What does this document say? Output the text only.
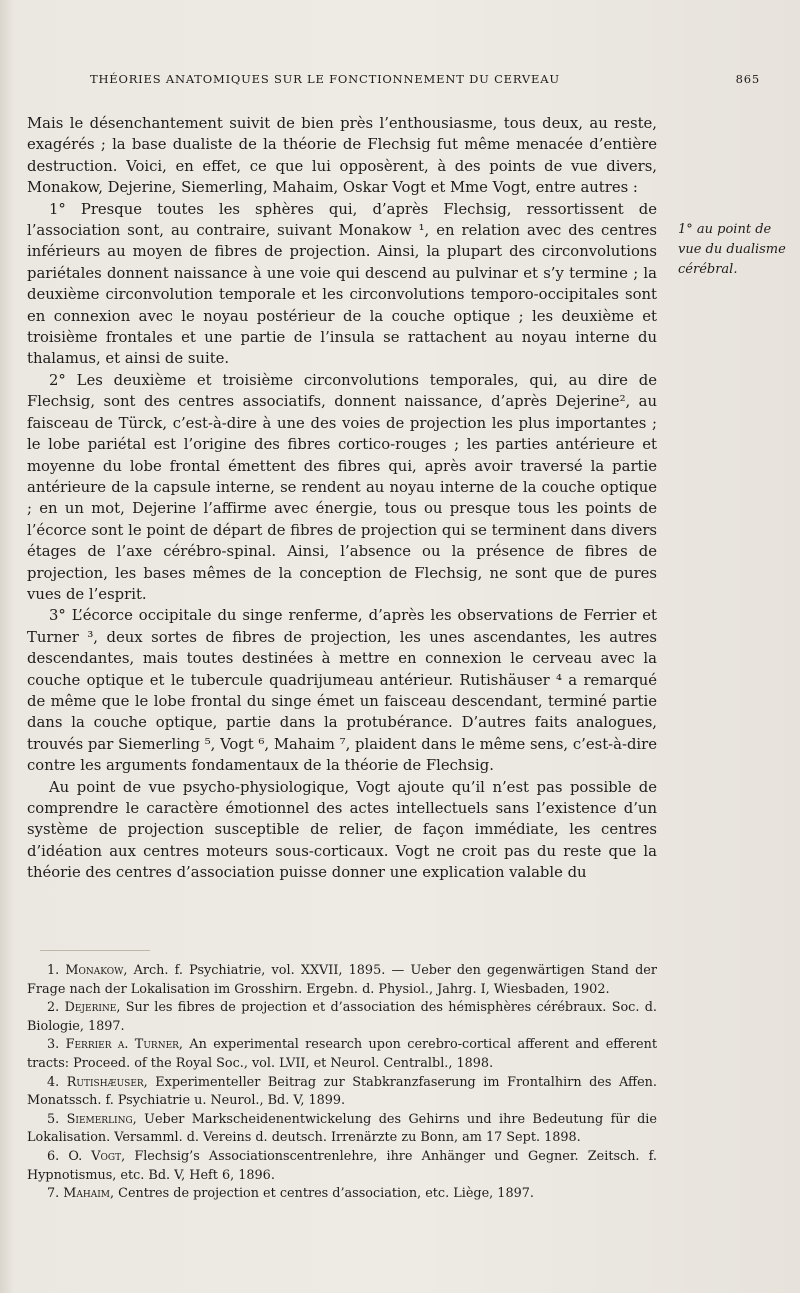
THÉORIES ANATOMIQUES SUR LE FONCTIONNEMENT DU CERVEAU	865

Mais le désenchantement suivit de bien près l’enthousiasme, tous deux, au reste, exagérés ; la base dualiste de la théorie de Flechsig fut même menacée d’entière destruction. Voici, en effet, ce que lui opposèrent, à des points de vue divers, Monakow, Dejerine, Siemerling, Mahaim, Oskar Vogt et Mme Vogt, entre autres :

1° Presque toutes les sphères qui, d’après Flechsig, ressortissent de l’association sont, au contraire, suivant Monakow ¹, en relation avec des centres inférieurs au moyen de fibres de projection. Ainsi, la plupart des circonvolutions pariétales donnent naissance à une voie qui descend au pulvinar et s’y termine ; la deuxième circonvolution temporale et les circonvolutions temporo-occipitales sont en connexion avec le noyau postérieur de la couche optique ; les deuxième et troisième frontales et une partie de l’insula se rattachent au noyau interne du thalamus, et ainsi de suite.

2° Les deuxième et troisième circonvolutions temporales, qui, au dire de Flechsig, sont des centres associatifs, donnent naissance, d’après Dejerine², au faisceau de Türck, c’est-à-dire à une des voies de projection les plus importantes ; le lobe pariétal est l’origine des fibres cortico-rouges ; les parties antérieure et moyenne du lobe frontal émettent des fibres qui, après avoir traversé la partie antérieure de la capsule interne, se rendent au noyau interne de la couche optique ; en un mot, Dejerine l’affirme avec énergie, tous ou presque tous les points de l’écorce sont le point de départ de fibres de projection qui se terminent dans divers étages de l’axe cérébro-spinal. Ainsi, l’absence ou la présence de fibres de projection, les bases mêmes de la conception de Flechsig, ne sont que de pures vues de l’esprit.

3° L’écorce occipitale du singe renferme, d’après les observations de Ferrier et Turner ³, deux sortes de fibres de projection, les unes ascendantes, les autres descendantes, mais toutes destinées à mettre en connexion le cerveau avec la couche optique et le tubercule quadrijumeau antérieur. Rutishäuser ⁴ a remarqué de même que le lobe frontal du singe émet un faisceau descendant, terminé partie dans la couche optique, partie dans la protubérance. D’autres faits analogues, trouvés par Siemerling ⁵, Vogt ⁶, Mahaim ⁷, plaident dans le même sens, c’est-à-dire contre les arguments fondamentaux de la théorie de Flechsig.

Au point de vue psycho-physiologique, Vogt ajoute qu’il n’est pas possible de comprendre le caractère émotionnel des actes intellectuels sans l’existence d’un système de projection susceptible de relier, de façon immédiate, les centres d’idéation aux centres moteurs sous-corticaux. Vogt ne croit pas du reste que la théorie des centres d’association puisse donner une explication valable du

1° au point de vue du dualisme cérébral.

1. Monakow, Arch. f. Psychiatrie, vol. XXVII, 1895. — Ueber den gegenwärtigen Stand der Frage nach der Lokalisation im Grosshirn. Ergebn. d. Physiol., Jahrg. I, Wiesbaden, 1902.

2. Dejerine, Sur les fibres de projection et d’association des hémisphères cérébraux. Soc. d. Biologie, 1897.

3. Ferrier a. Turner, An experimental research upon cerebro-cortical afferent and efferent tracts: Proceed. of the Royal Soc., vol. LVII, et Neurol. Centralbl., 1898.

4. Rutishæuser, Experimenteller Beitrag zur Stabkranzfaserung im Frontalhirn des Affen. Monatssch. f. Psychiatrie u. Neurol., Bd. V, 1899.

5. Siemerling, Ueber Markscheidenentwickelung des Gehirns und ihre Bedeutung für die Lokalisation. Versamml. d. Vereins d. deutsch. Irrenärzte zu Bonn, am 17 Sept. 1898.

6. O. Vogt, Flechsig’s Associationscentrenlehre, ihre Anhänger und Gegner. Zeitsch. f. Hypnotismus, etc. Bd. V, Heft 6, 1896.

7. Mahaim, Centres de projection et centres d’association, etc. Liège, 1897.
